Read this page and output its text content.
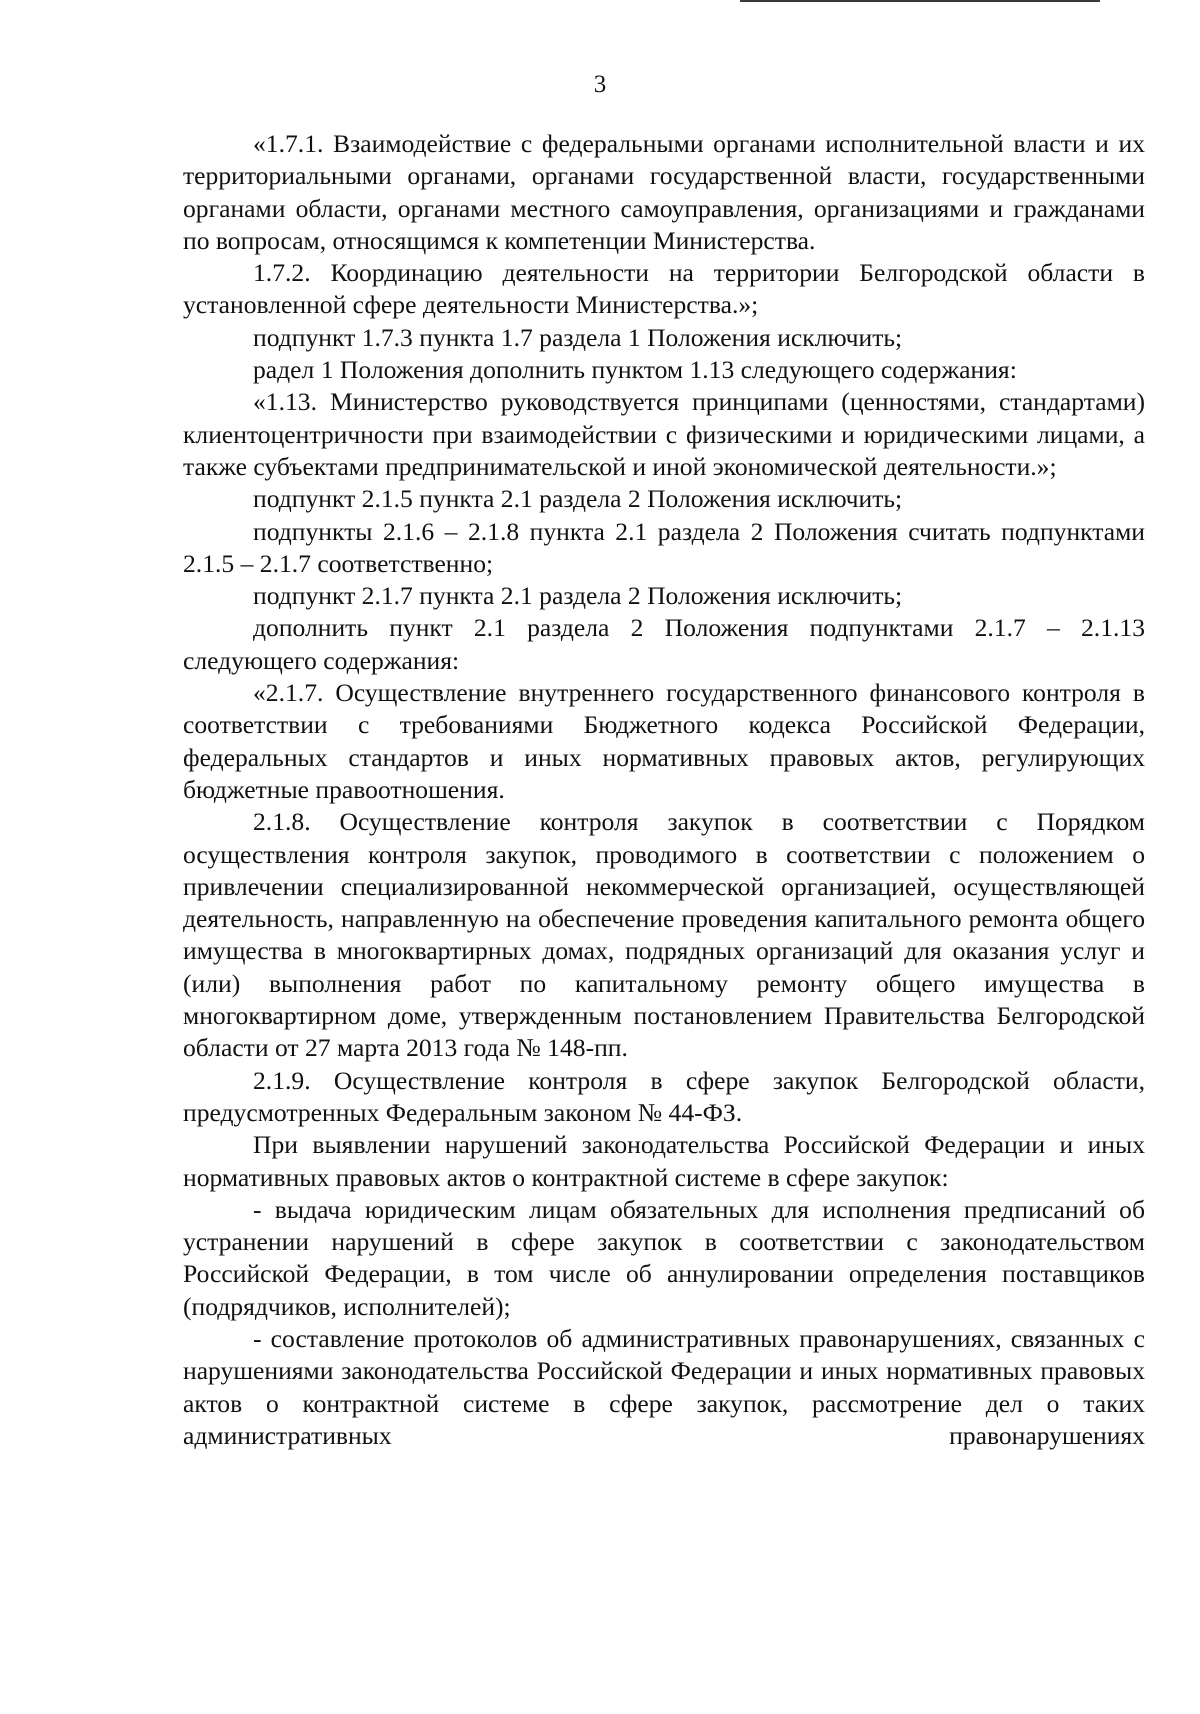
3

«1.7.1. Взаимодействие с федеральными органами исполнительной власти и их территориальными органами, органами государственной власти, государственными органами области, органами местного самоуправления, организациями и гражданами по вопросам, относящимся к компетенции Министерства.

1.7.2. Координацию деятельности на территории Белгородской области в установленной сфере деятельности Министерства.»;

подпункт 1.7.3 пункта 1.7 раздела 1 Положения исключить;

радел 1 Положения дополнить пунктом 1.13 следующего содержания:

«1.13. Министерство руководствуется принципами (ценностями, стандартами) клиентоцентричности при взаимодействии с физическими и юридическими лицами, а также субъектами предпринимательской и иной экономической деятельности.»;

подпункт 2.1.5 пункта 2.1 раздела 2 Положения исключить;

подпункты 2.1.6 – 2.1.8 пункта 2.1 раздела 2 Положения считать подпунктами 2.1.5 – 2.1.7 соответственно;

подпункт 2.1.7 пункта 2.1 раздела 2 Положения исключить;

дополнить пункт 2.1 раздела 2 Положения подпунктами 2.1.7 – 2.1.13 следующего содержания:

«2.1.7. Осуществление внутреннего государственного финансового контроля в соответствии с требованиями Бюджетного кодекса Российской Федерации, федеральных стандартов и иных нормативных правовых актов, регулирующих бюджетные правоотношения.

2.1.8. Осуществление контроля закупок в соответствии с Порядком осуществления контроля закупок, проводимого в соответствии с положением о привлечении специализированной некоммерческой организацией, осуществляющей деятельность, направленную на обеспечение проведения капитального ремонта общего имущества в многоквартирных домах, подрядных организаций для оказания услуг и (или) выполнения работ по капитальному ремонту общего имущества в многоквартирном доме, утвержденным постановлением Правительства Белгородской области от 27 марта 2013 года № 148-пп.

2.1.9. Осуществление контроля в сфере закупок Белгородской области, предусмотренных Федеральным законом № 44-ФЗ.

При выявлении нарушений законодательства Российской Федерации и иных нормативных правовых актов о контрактной системе в сфере закупок:

- выдача юридическим лицам обязательных для исполнения предписаний об устранении нарушений в сфере закупок в соответствии с законодательством Российской Федерации, в том числе об аннулировании определения поставщиков (подрядчиков, исполнителей);

- составление протоколов об административных правонарушениях, связанных с нарушениями законодательства Российской Федерации и иных нормативных правовых актов о контрактной системе в сфере закупок, рассмотрение дел о таких административных правонарушениях
